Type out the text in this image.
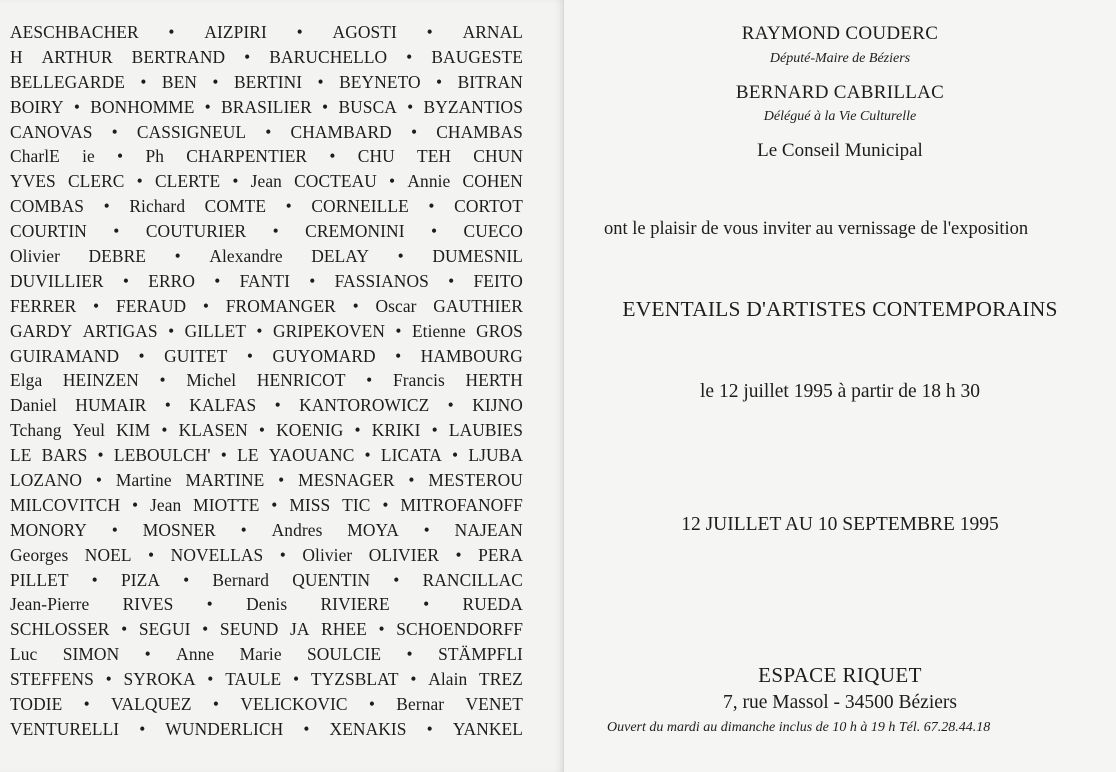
AESCHBACHER • AIZPIRI • AGOSTI • ARNAL
H ARTHUR BERTRAND • BARUCHELLO • BAUGESTE
BELLEGARDE • BEN • BERTINI • BEYNETO • BITRAN
BOIRY • BONHOMME • BRASILIER • BUSCA • BYZANTIOS
CANOVAS • CASSIGNEUL • CHAMBARD • CHAMBAS
CharlE ie • Ph CHARPENTIER • CHU TEH CHUN
YVES CLERC • CLERTE • Jean COCTEAU • Annie COHEN
COMBAS • Richard COMTE • CORNEILLE • CORTOT
COURTIN • COUTURIER • CREMONINI • CUECO
Olivier DEBRE • Alexandre DELAY • DUMESNIL
DUVILLIER • ERRO • FANTI • FASSIANOS • FEITO
FERRER • FERAUD • FROMANGER • Oscar GAUTHIER
GARDY ARTIGAS • GILLET • GRIPEKOVEN • Etienne GROS
GUIRAMAND • GUITET • GUYOMARD • HAMBOURG
Elga HEINZEN • Michel HENRICOT • Francis HERTH
Daniel HUMAIR • KALFAS • KANTOROWICZ • KIJNO
Tchang Yeul KIM • KLASEN • KOENIG • KRIKI • LAUBIES
LE BARS • LEBOULCH' • LE YAOUANC • LICATA • LJUBA
LOZANO • Martine MARTINE • MESNAGER • MESTEROU
MILCOVITCH • Jean MIOTTE • MISS TIC • MITROFANOFF
MONORY • MOSNER • Andres MOYA • NAJEAN
Georges NOEL • NOVELLAS • Olivier OLIVIER • PERA
PILLET • PIZA • Bernard QUENTIN • RANCILLAC
Jean-Pierre RIVES • Denis RIVIERE • RUEDA
SCHLOSSER • SEGUI • SEUND JA RHEE • SCHOENDORFF
Luc SIMON • Anne Marie SOULCIE • STÄMPFLI
STEFFENS • SYROKA • TAULE • TYZSBLAT • Alain TREZ
TODIE • VALQUEZ • VELICKOVIC • Bernar VENET
VENTURELLI • WUNDERLICH • XENAKIS • YANKEL
RAYMOND COUDERC
Député-Maire de Béziers
BERNARD CABRILLAC
Délégué à la Vie Culturelle
Le Conseil Municipal
ont le plaisir de vous inviter au vernissage de l'exposition
EVENTAILS D'ARTISTES CONTEMPORAINS
le 12 juillet 1995 à partir de 18 h 30
12 JUILLET AU 10 SEPTEMBRE 1995
ESPACE RIQUET
7, rue Massol - 34500 Béziers
Ouvert du mardi au dimanche inclus de 10 h à 19 h Tél. 67.28.44.18
